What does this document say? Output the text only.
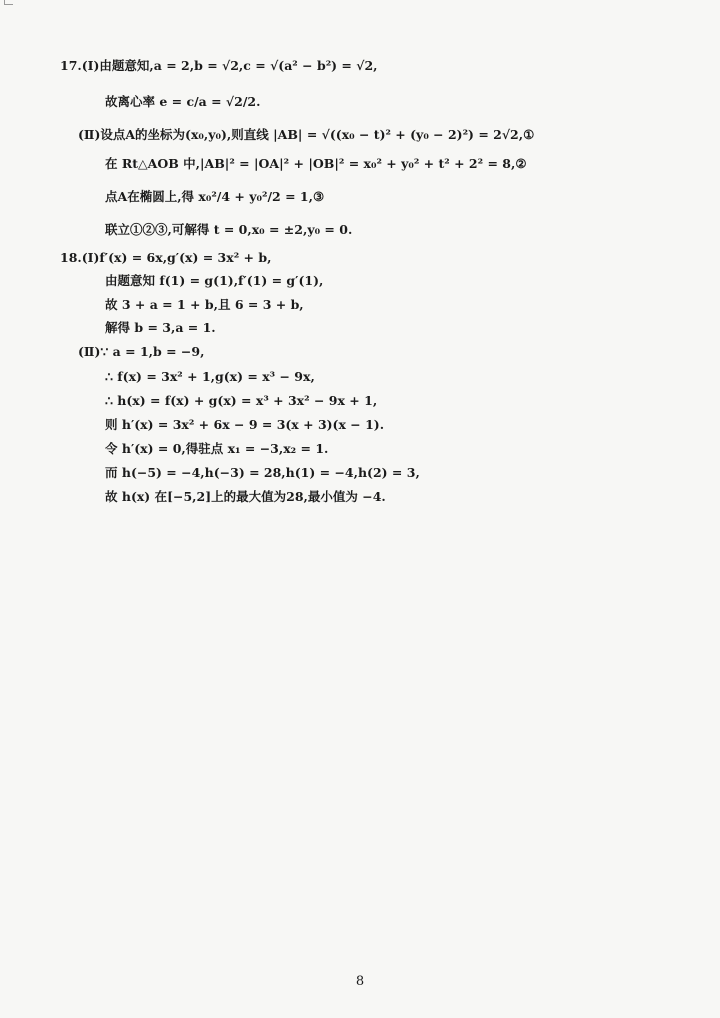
17.(Ⅰ)由题意知,a = 2,b = √2,c = √(a² − b²) = √2,
故离心率 e = c/a = √2/2.
(Ⅱ)设点A的坐标为(x₀,y₀),则直线 |AB| = √((x₀ − t)² + (y₀ − 2)²) = 2√2,①
在 Rt△AOB 中,|AB|² = |OA|² + |OB|² = x₀² + y₀² + t² + 2² = 8,②
点A在椭圆上,得 x₀²/4 + y₀²/2 = 1,③
联立①②③,可解得 t = 0,x₀ = ±2,y₀ = 0.
18.(Ⅰ)f′(x) = 6x,g′(x) = 3x² + b,
由题意知 f(1) = g(1),f′(1) = g′(1),
故 3 + a = 1 + b,且 6 = 3 + b,
解得 b = 3,a = 1.
(Ⅱ)∵ a = 1,b = −9,
∴ f(x) = 3x² + 1,g(x) = x³ − 9x,
∴ h(x) = f(x) + g(x) = x³ + 3x² − 9x + 1,
则 h′(x) = 3x² + 6x − 9 = 3(x + 3)(x − 1).
令 h′(x) = 0,得驻点 x₁ = −3,x₂ = 1.
而 h(−5) = −4,h(−3) = 28,h(1) = −4,h(2) = 3,
故 h(x) 在[−5,2]上的最大值为28,最小值为 −4.
8
